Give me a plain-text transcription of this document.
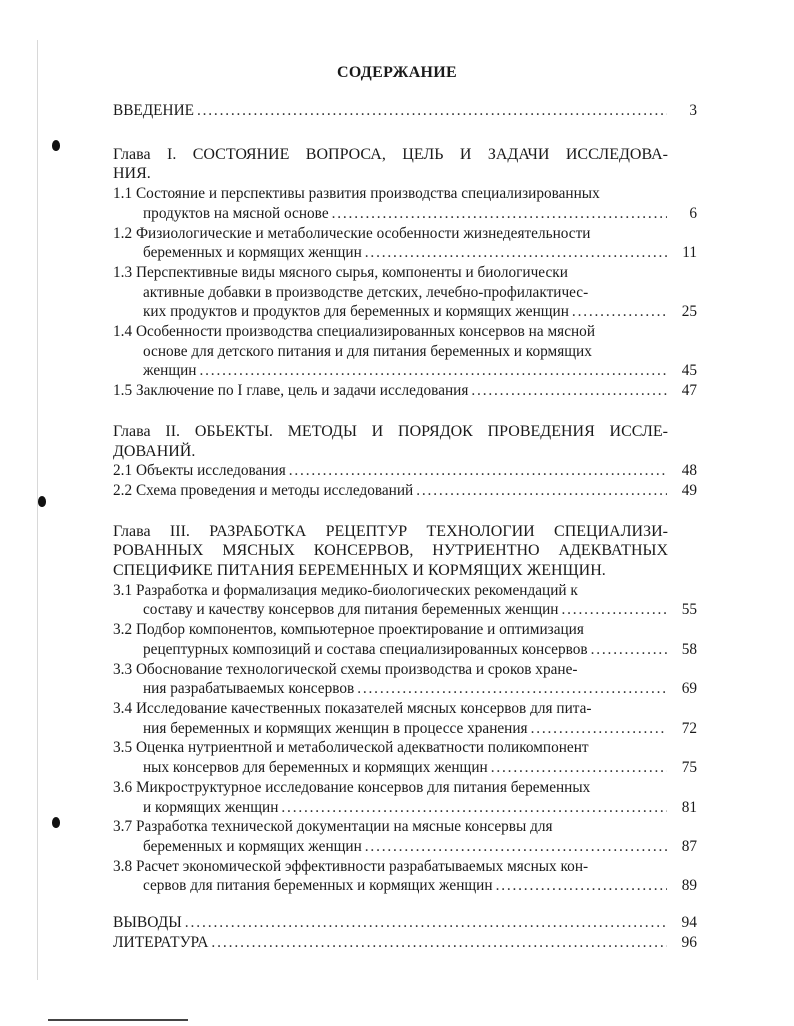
СОДЕРЖАНИЕ
ВВЕДЕНИЕ . . .	3
Глава I. СОСТОЯНИЕ ВОПРОСА, ЦЕЛЬ И ЗАДАЧИ ИССЛЕДОВА-
НИЯ.
1.1 Состояние и перспективы развития производства специализированных
продуктов на мясной основе . . .	6
1.2 Физиологические и метаболические особенности жизнедеятельности
беременных и кормящих женщин . . .	11
1.3 Перспективные виды мясного сырья, компоненты и биологически
активные добавки в производстве детских, лечебно-профилактичес-
ких продуктов и продуктов для беременных и кормящих женщин . . .	25
1.4 Особенности производства специализированных консервов на мясной
основе для детского питания и для питания беременных и кормящих
женщин . . .	45
1.5 Заключение по I главе, цель и задачи исследования . . .	47
Глава II. ОБЬЕКТЫ. МЕТОДЫ И ПОРЯДОК ПРОВЕДЕНИЯ ИССЛЕ-
ДОВАНИЙ.
2.1 Объекты исследования . . .	48
2.2 Схема проведения и методы исследований . . .	49
Глава III. РАЗРАБОТКА РЕЦЕПТУР ТЕХНОЛОГИИ СПЕЦИАЛИЗИ-
РОВАННЫХ МЯСНЫХ КОНСЕРВОВ, НУТРИЕНТНО АДЕКВАТНЫХ
СПЕЦИФИКЕ ПИТАНИЯ БЕРЕМЕННЫХ И КОРМЯЩИХ ЖЕНЩИН.
3.1 Разработка и формализация медико-биологических рекомендаций к
составу и качеству консервов для питания беременных женщин . . .	55
3.2 Подбор компонентов, компьютерное проектирование и оптимизация
рецептурных композиций и состава специализированных консервов . . .	58
3.3 Обоснование технологической схемы производства и сроков хране-
ния разрабатываемых консервов . . .	69
3.4 Исследование качественных показателей мясных консервов для пита-
ния беременных и кормящих женщин в процессе хранения . . .	72
3.5 Оценка нутриентной и метаболической адекватности поликомпонент
ных консервов для беременных и кормящих женщин . . .	75
3.6 Микроструктурное исследование консервов для питания беременных
и кормящих женщин . . .	81
3.7 Разработка технической документации на мясные консервы для
беременных и кормящих женщин . . .	87
3.8 Расчет экономической эффективности разрабатываемых мясных кон-
сервов для питания беременных и кормящих женщин . . .	89
ВЫВОДЫ . . .	94
ЛИТЕРАТУРА . . .	96
